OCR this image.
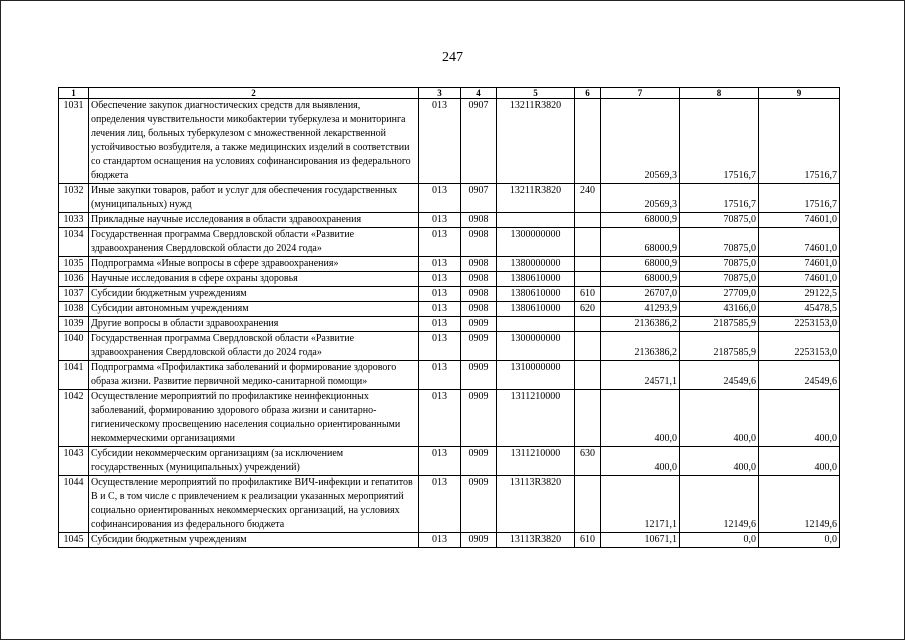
247
1	2	3	4	5	6	7	8	9
1031	Обеспечение закупок диагностических средств для выявления, определения чувствительности микобактерии туберкулеза и мониторинга лечения лиц, больных туберкулезом с множественной лекарственной устойчивостью возбудителя, а также медицинских изделий в соответствии со стандартом оснащения на условиях софинансирования из федерального бюджета	013	0907	13211R3820		20569,3	17516,7	17516,7
1032	Иные закупки товаров, работ и услуг для обеспечения государственных (муниципальных) нужд	013	0907	13211R3820	240	20569,3	17516,7	17516,7
1033	Прикладные научные исследования в области здравоохранения	013	0908			68000,9	70875,0	74601,0
1034	Государственная программа Свердловской области «Развитие здравоохранения Свердловской области до 2024 года»	013	0908	1300000000		68000,9	70875,0	74601,0
1035	Подпрограмма «Иные вопросы в сфере здравоохранения»	013	0908	1380000000		68000,9	70875,0	74601,0
1036	Научные исследования в сфере охраны здоровья	013	0908	1380610000		68000,9	70875,0	74601,0
1037	Субсидии бюджетным учреждениям	013	0908	1380610000	610	26707,0	27709,0	29122,5
1038	Субсидии автономным учреждениям	013	0908	1380610000	620	41293,9	43166,0	45478,5
1039	Другие вопросы в области здравоохранения	013	0909			2136386,2	2187585,9	2253153,0
1040	Государственная программа Свердловской области «Развитие здравоохранения Свердловской области до 2024 года»	013	0909	1300000000		2136386,2	2187585,9	2253153,0
1041	Подпрограмма «Профилактика заболеваний и формирование здорового образа жизни. Развитие первичной медико-санитарной помощи»	013	0909	1310000000		24571,1	24549,6	24549,6
1042	Осуществление мероприятий по профилактике неинфекционных заболеваний, формированию здорового образа жизни и санитарно-гигиеническому просвещению населения социально ориентированными некоммерческими организациями	013	0909	1311210000		400,0	400,0	400,0
1043	Субсидии некоммерческим организациям (за исключением государственных (муниципальных) учреждений)	013	0909	1311210000	630	400,0	400,0	400,0
1044	Осуществление мероприятий по профилактике ВИЧ-инфекции и гепатитов В и С, в том числе с привлечением к реализации указанных мероприятий социально ориентированных некоммерческих организаций, на условиях софинансирования из федерального бюджета	013	0909	13113R3820		12171,1	12149,6	12149,6
1045	Субсидии бюджетным учреждениям	013	0909	13113R3820	610	10671,1	0,0	0,0
